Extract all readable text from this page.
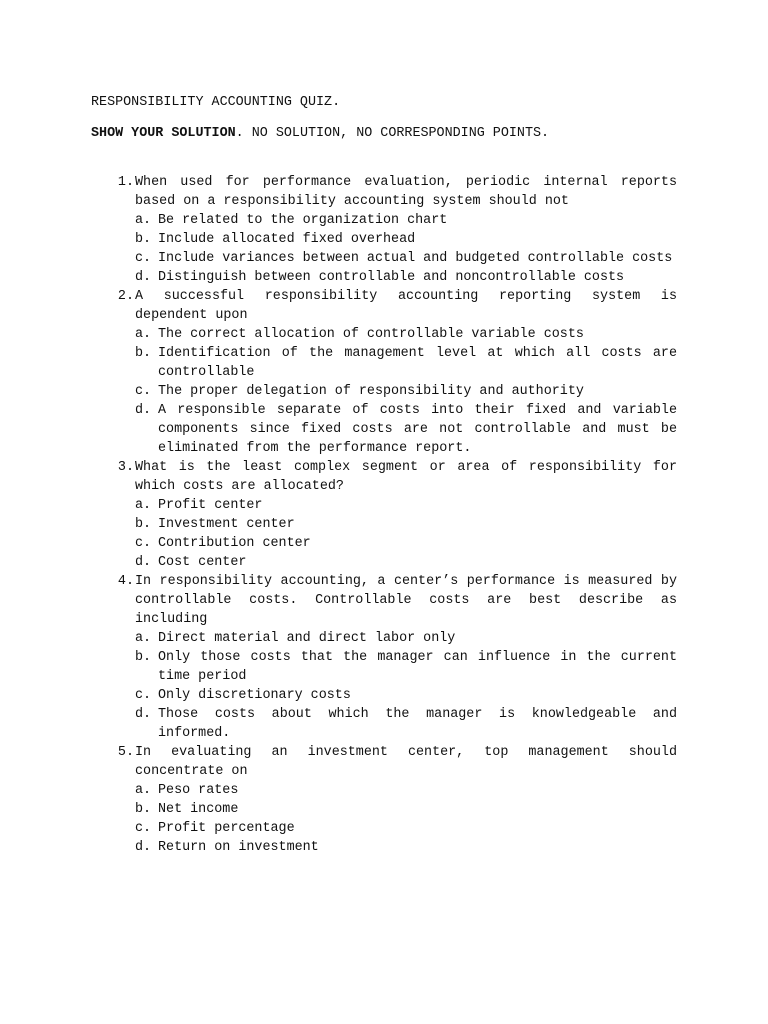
RESPONSIBILITY ACCOUNTING QUIZ.
SHOW YOUR SOLUTION. NO SOLUTION, NO CORRESPONDING POINTS.
1. When used for performance evaluation, periodic internal reports based on a responsibility accounting system should not
a. Be related to the organization chart
b. Include allocated fixed overhead
c. Include variances between actual and budgeted controllable costs
d. Distinguish between controllable and noncontrollable costs
2. A successful responsibility accounting reporting system is dependent upon
a. The correct allocation of controllable variable costs
b. Identification of the management level at which all costs are controllable
c. The proper delegation of responsibility and authority
d. A responsible separate of costs into their fixed and variable components since fixed costs are not controllable and must be eliminated from the performance report.
3. What is the least complex segment or area of responsibility for which costs are allocated?
a. Profit center
b. Investment center
c. Contribution center
d. Cost center
4. In responsibility accounting, a center’s performance is measured by controllable costs. Controllable costs are best describe as including
a. Direct material and direct labor only
b. Only those costs that the manager can influence in the current time period
c. Only discretionary costs
d. Those costs about which the manager is knowledgeable and informed.
5. In evaluating an investment center, top management should concentrate on
a. Peso rates
b. Net income
c. Profit percentage
d. Return on investment
